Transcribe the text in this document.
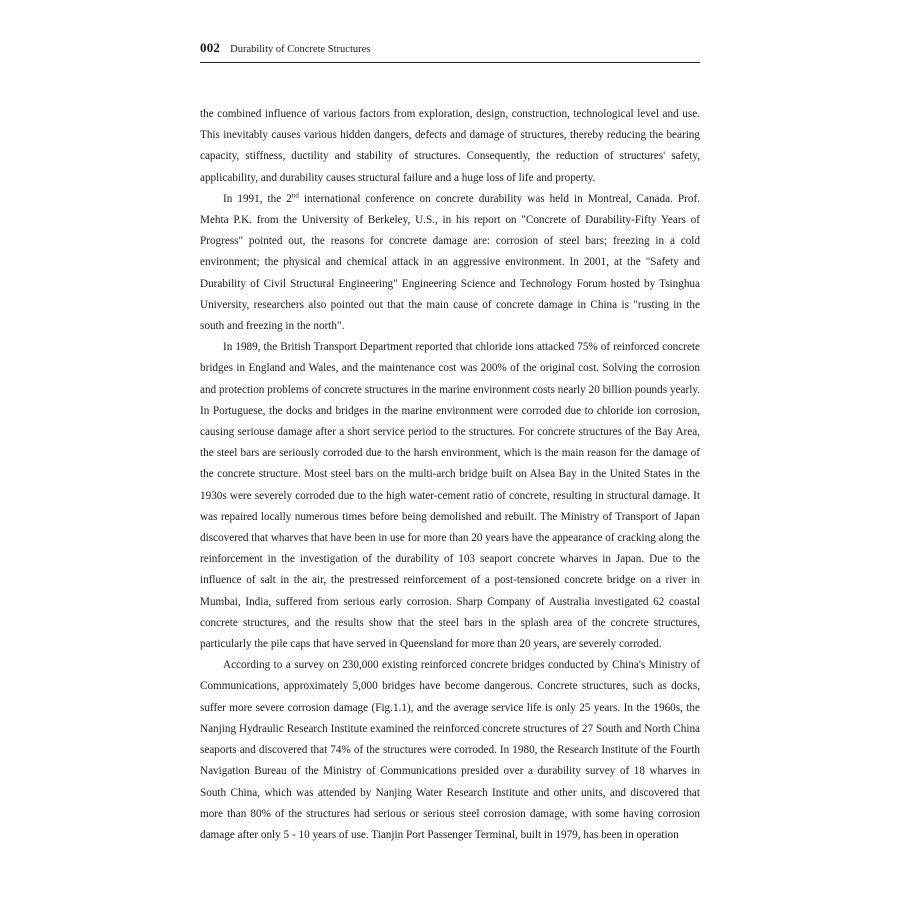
002 Durability of Concrete Structures

the combined influence of various factors from exploration, design, construction, technological level and use. This inevitably causes various hidden dangers, defects and damage of structures, thereby reducing the bearing capacity, stiffness, ductility and stability of structures. Consequently, the reduction of structures' safety, applicability, and durability causes structural failure and a huge loss of life and property.

In 1991, the 2nd international conference on concrete durability was held in Montreal, Canada. Prof. Mehta P.K. from the University of Berkeley, U.S., in his report on "Concrete of Durability-Fifty Years of Progress" pointed out, the reasons for concrete damage are: corrosion of steel bars; freezing in a cold environment; the physical and chemical attack in an aggressive environment. In 2001, at the "Safety and Durability of Civil Structural Engineering" Engineering Science and Technology Forum hosted by Tsinghua University, researchers also pointed out that the main cause of concrete damage in China is "rusting in the south and freezing in the north".

In 1989, the British Transport Department reported that chloride ions attacked 75% of reinforced concrete bridges in England and Wales, and the maintenance cost was 200% of the original cost. Solving the corrosion and protection problems of concrete structures in the marine environment costs nearly 20 billion pounds yearly. In Portuguese, the docks and bridges in the marine environment were corroded due to chloride ion corrosion, causing seriouse damage after a short service period to the structures. For concrete structures of the Bay Area, the steel bars are seriously corroded due to the harsh environment, which is the main reason for the damage of the concrete structure. Most steel bars on the multi-arch bridge built on Alsea Bay in the United States in the 1930s were severely corroded due to the high water-cement ratio of concrete, resulting in structural damage. It was repaired locally numerous times before being demolished and rebuilt. The Ministry of Transport of Japan discovered that wharves that have been in use for more than 20 years have the appearance of cracking along the reinforcement in the investigation of the durability of 103 seaport concrete wharves in Japan. Due to the influence of salt in the air, the prestressed reinforcement of a post-tensioned concrete bridge on a river in Mumbai, India, suffered from serious early corrosion. Sharp Company of Australia investigated 62 coastal concrete structures, and the results show that the steel bars in the splash area of the concrete structures, particularly the pile caps that have served in Queensland for more than 20 years, are severely corroded.

According to a survey on 230,000 existing reinforced concrete bridges conducted by China's Ministry of Communications, approximately 5,000 bridges have become dangerous. Concrete structures, such as docks, suffer more severe corrosion damage (Fig.1.1), and the average service life is only 25 years. In the 1960s, the Nanjing Hydraulic Research Institute examined the reinforced concrete structures of 27 South and North China seaports and discovered that 74% of the structures were corroded. In 1980, the Research Institute of the Fourth Navigation Bureau of the Ministry of Communications presided over a durability survey of 18 wharves in South China, which was attended by Nanjing Water Research Institute and other units, and discovered that more than 80% of the structures had serious or serious steel corrosion damage, with some having corrosion damage after only 5 - 10 years of use. Tianjin Port Passenger Terminal, built in 1979, has been in operation
